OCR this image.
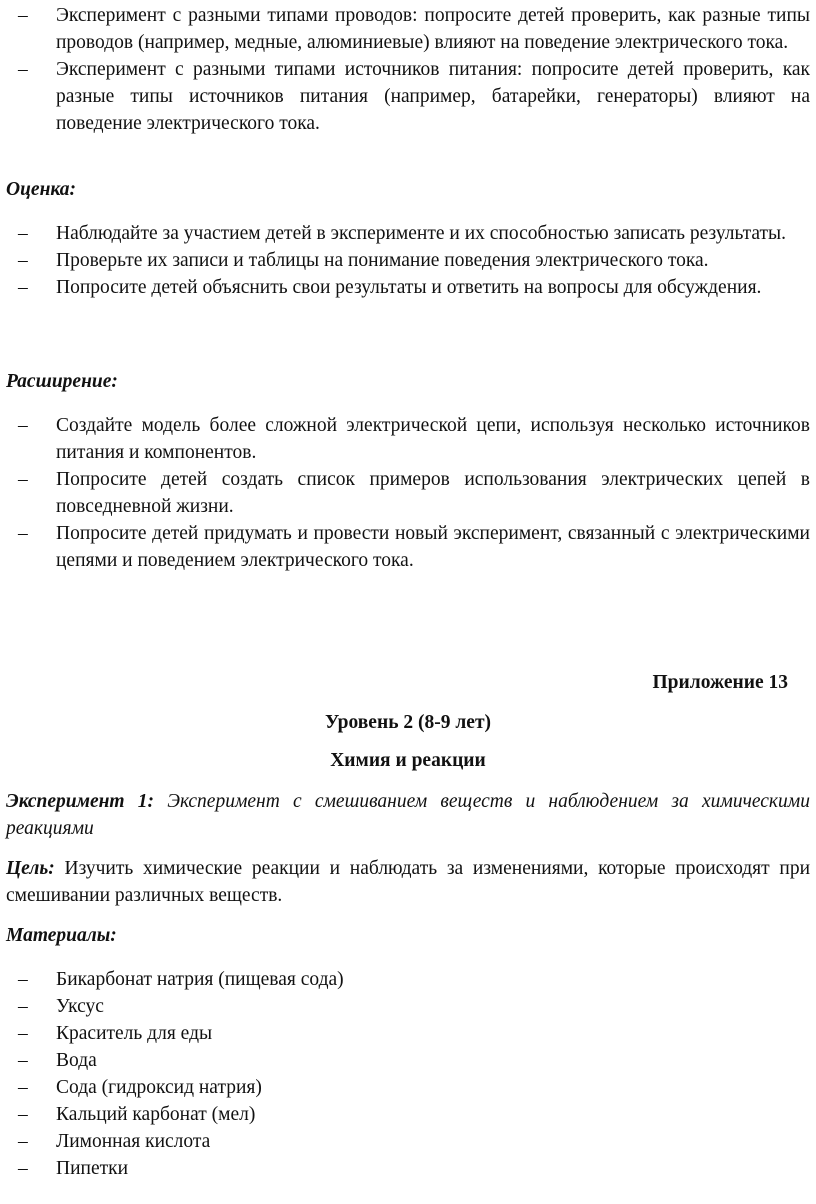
– Эксперимент с разными типами проводов: попросите детей проверить, как разные типы проводов (например, медные, алюминиевые) влияют на поведение электрического тока.
– Эксперимент с разными типами источников питания: попросите детей проверить, как разные типы источников питания (например, батарейки, генераторы) влияют на поведение электрического тока.
Оценка:
– Наблюдайте за участием детей в эксперименте и их способностью записать результаты.
– Проверьте их записи и таблицы на понимание поведения электрического тока.
– Попросите детей объяснить свои результаты и ответить на вопросы для обсуждения.
Расширение:
– Создайте модель более сложной электрической цепи, используя несколько источников питания и компонентов.
– Попросите детей создать список примеров использования электрических цепей в повседневной жизни.
– Попросите детей придумать и провести новый эксперимент, связанный с электрическими цепями и поведением электрического тока.
Приложение 13
Уровень 2 (8-9 лет)
Химия и реакции
Эксперимент 1: Эксперимент с смешиванием веществ и наблюдением за химическими реакциями
Цель: Изучить химические реакции и наблюдать за изменениями, которые происходят при смешивании различных веществ.
Материалы:
– Бикарбонат натрия (пищевая сода)
– Уксус
– Краситель для еды
– Вода
– Сода (гидроксид натрия)
– Кальций карбонат (мел)
– Лимонная кислота
– Пипетки
